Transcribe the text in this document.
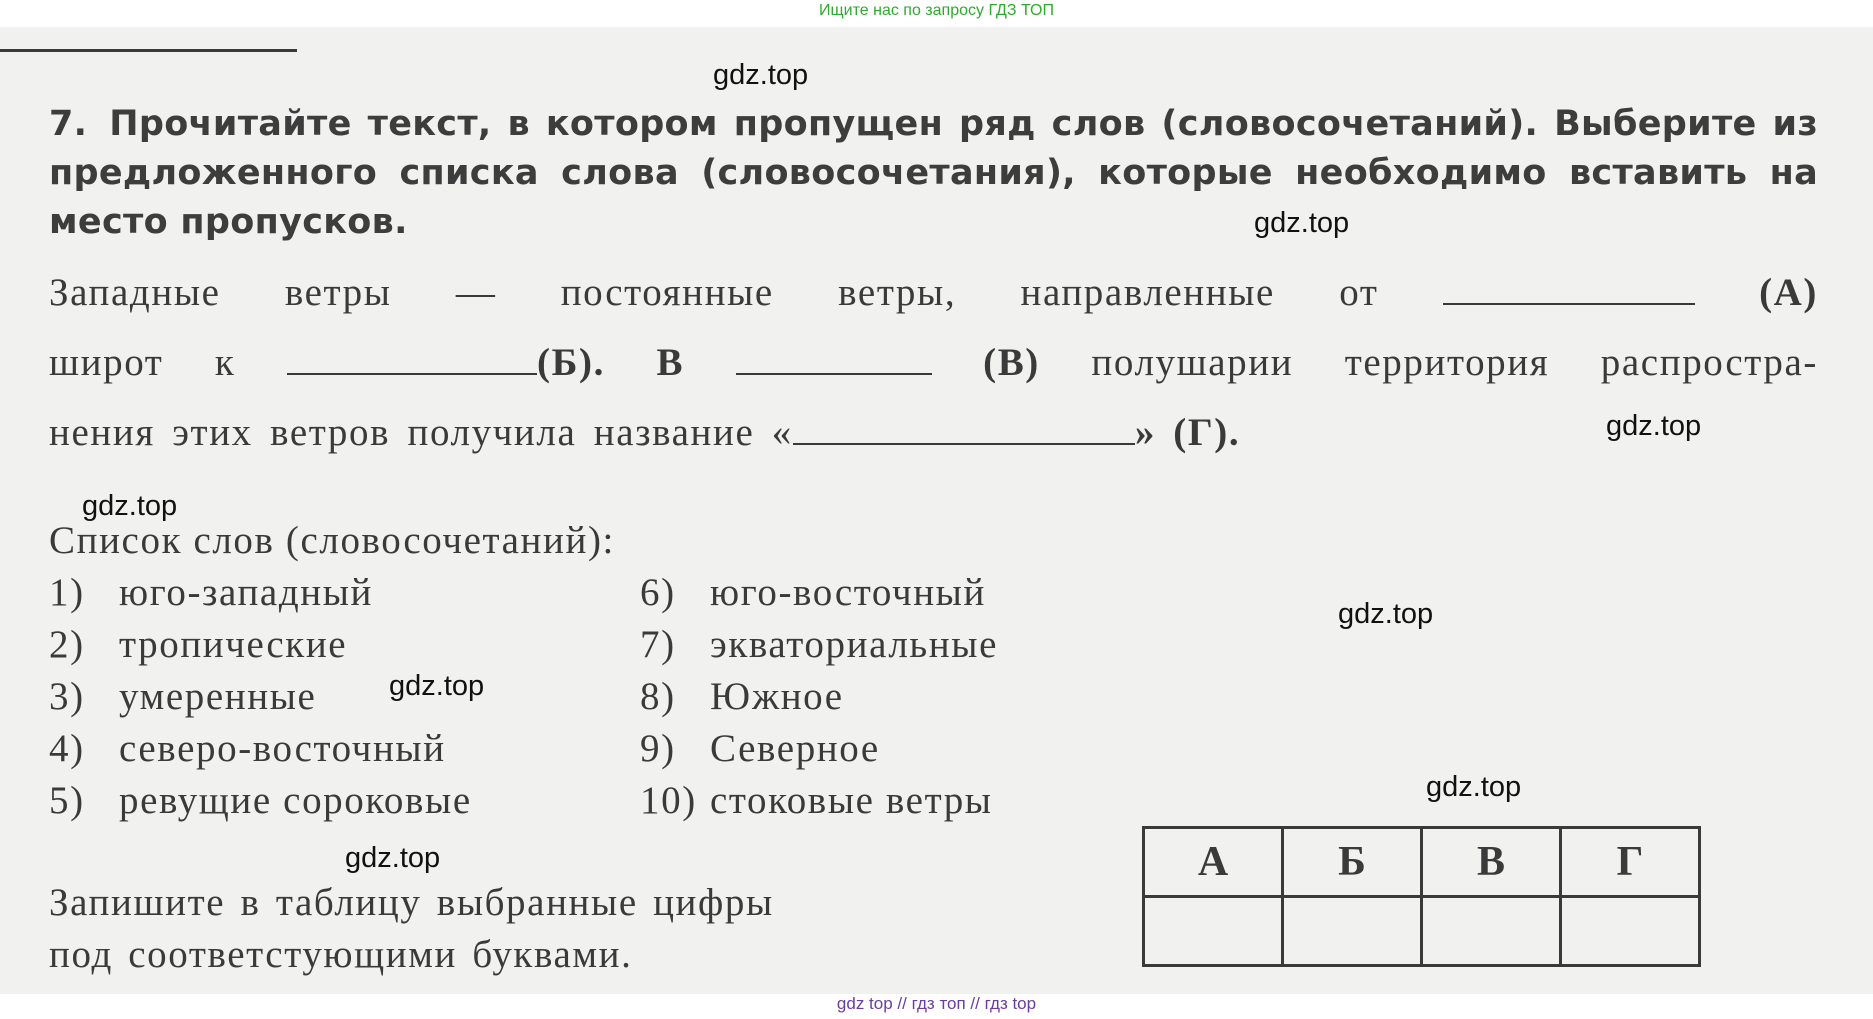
Ищите нас по запросу ГДЗ ТОП
7. Прочитайте текст, в котором пропущен ряд слов (словосочетаний). Выберите из предложенного списка слова (словосочетания), которые необходимо вставить на место пропусков.
Западные ветры — постоянные ветры, направленные от	(А)
широт к	(Б). В	(В) полушарии территория распростра-
нения этих ветров получила название «	» (Г).
Список слов (словосочетаний):
1) юго-западный
2) тропические
3) умеренные
4) северо-восточный
5) ревущие сороковые
6) юго-восточный
7) экваториальные
8) Южное
9) Северное
10) стоковые ветры
Запишите в таблицу выбранные цифры
под соответстующими буквами.
А	Б	В	Г

gdz.top
gdz.top
gdz.top
gdz.top
gdz.top
gdz.top
gdz.top
gdz.top
gdz top // гдз топ // гдз top
